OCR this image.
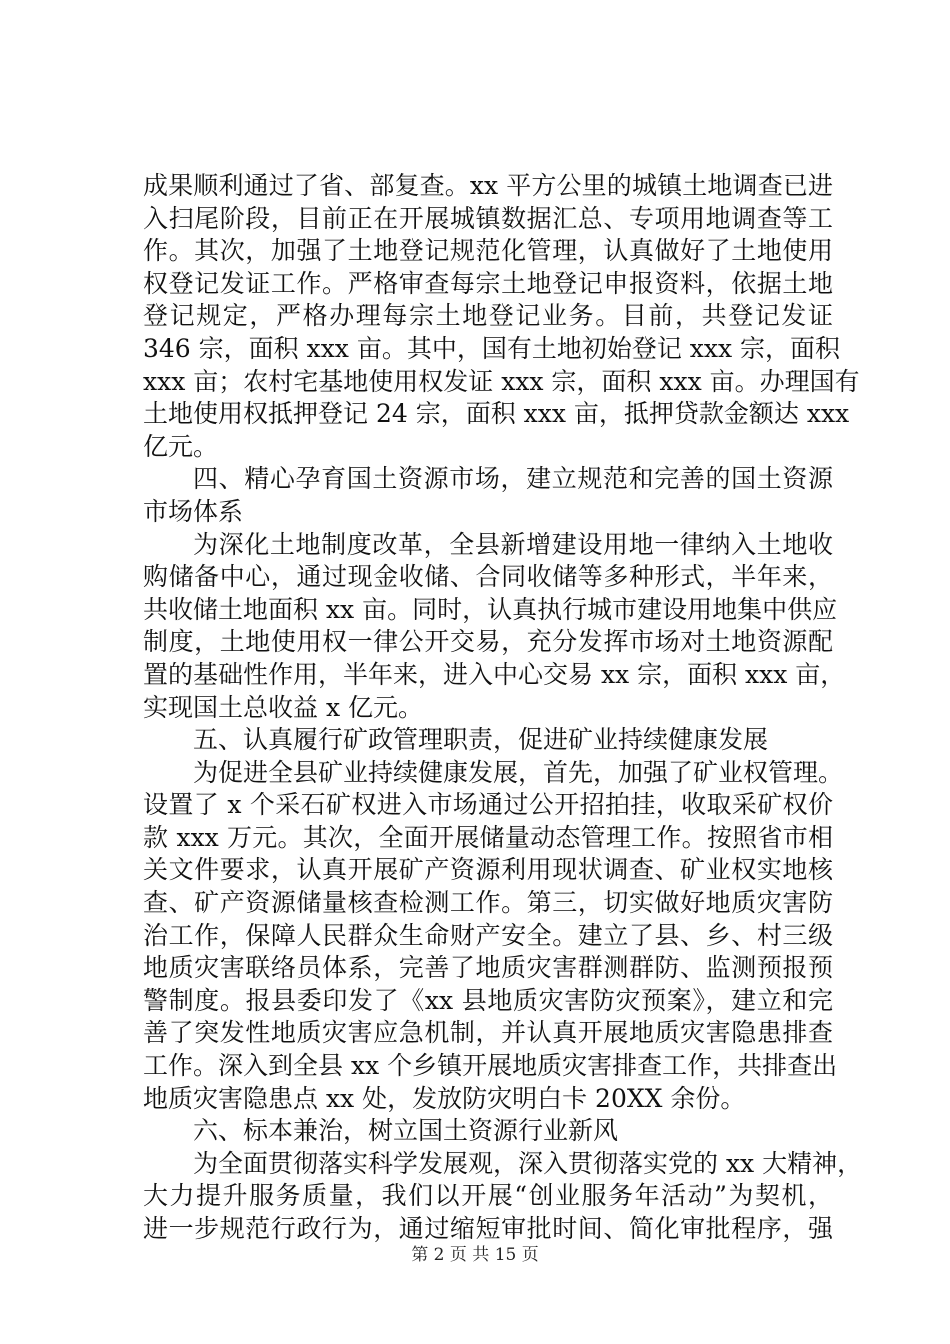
成果顺利通过了省、部复查。xx 平方公里的城镇土地调查已进
入扫尾阶段，目前正在开展城镇数据汇总、专项用地调查等工
作。其次，加强了土地登记规范化管理，认真做好了土地使用
权登记发证工作。严格审查每宗土地登记申报资料，依据土地
登记规定，严格办理每宗土地登记业务。目前，共登记发证
346 宗，面积 xxx 亩。其中，国有土地初始登记 xxx 宗，面积
xxx 亩；农村宅基地使用权发证 xxx 宗，面积 xxx 亩。办理国有
土地使用权抵押登记 24 宗，面积 xxx 亩，抵押贷款金额达 xxx
亿元。
四、精心孕育国土资源市场，建立规范和完善的国土资源
市场体系
为深化土地制度改革，全县新增建设用地一律纳入土地收
购储备中心，通过现金收储、合同收储等多种形式，半年来，
共收储土地面积 xx 亩。同时，认真执行城市建设用地集中供应
制度，土地使用权一律公开交易，充分发挥市场对土地资源配
置的基础性作用，半年来，进入中心交易 xx 宗，面积 xxx 亩，
实现国土总收益 x 亿元。
五、认真履行矿政管理职责，促进矿业持续健康发展
为促进全县矿业持续健康发展，首先，加强了矿业权管理。
设置了 x 个采石矿权进入市场通过公开招拍挂，收取采矿权价
款 xxx 万元。其次，全面开展储量动态管理工作。按照省市相
关文件要求，认真开展矿产资源利用现状调查、矿业权实地核
查、矿产资源储量核查检测工作。第三，切实做好地质灾害防
治工作，保障人民群众生命财产安全。建立了县、乡、村三级
地质灾害联络员体系，完善了地质灾害群测群防、监测预报预
警制度。报县委印发了《xx 县地质灾害防灾预案》，建立和完
善了突发性地质灾害应急机制，并认真开展地质灾害隐患排查
工作。深入到全县 xx 个乡镇开展地质灾害排查工作，共排查出
地质灾害隐患点 xx 处，发放防灾明白卡 20XX 余份。
六、标本兼治，树立国土资源行业新风
为全面贯彻落实科学发展观，深入贯彻落实党的 xx 大精神，
大力提升服务质量，我们以开展“创业服务年活动”为契机，
进一步规范行政行为，通过缩短审批时间、简化审批程序，强
第 2 页 共 15 页
